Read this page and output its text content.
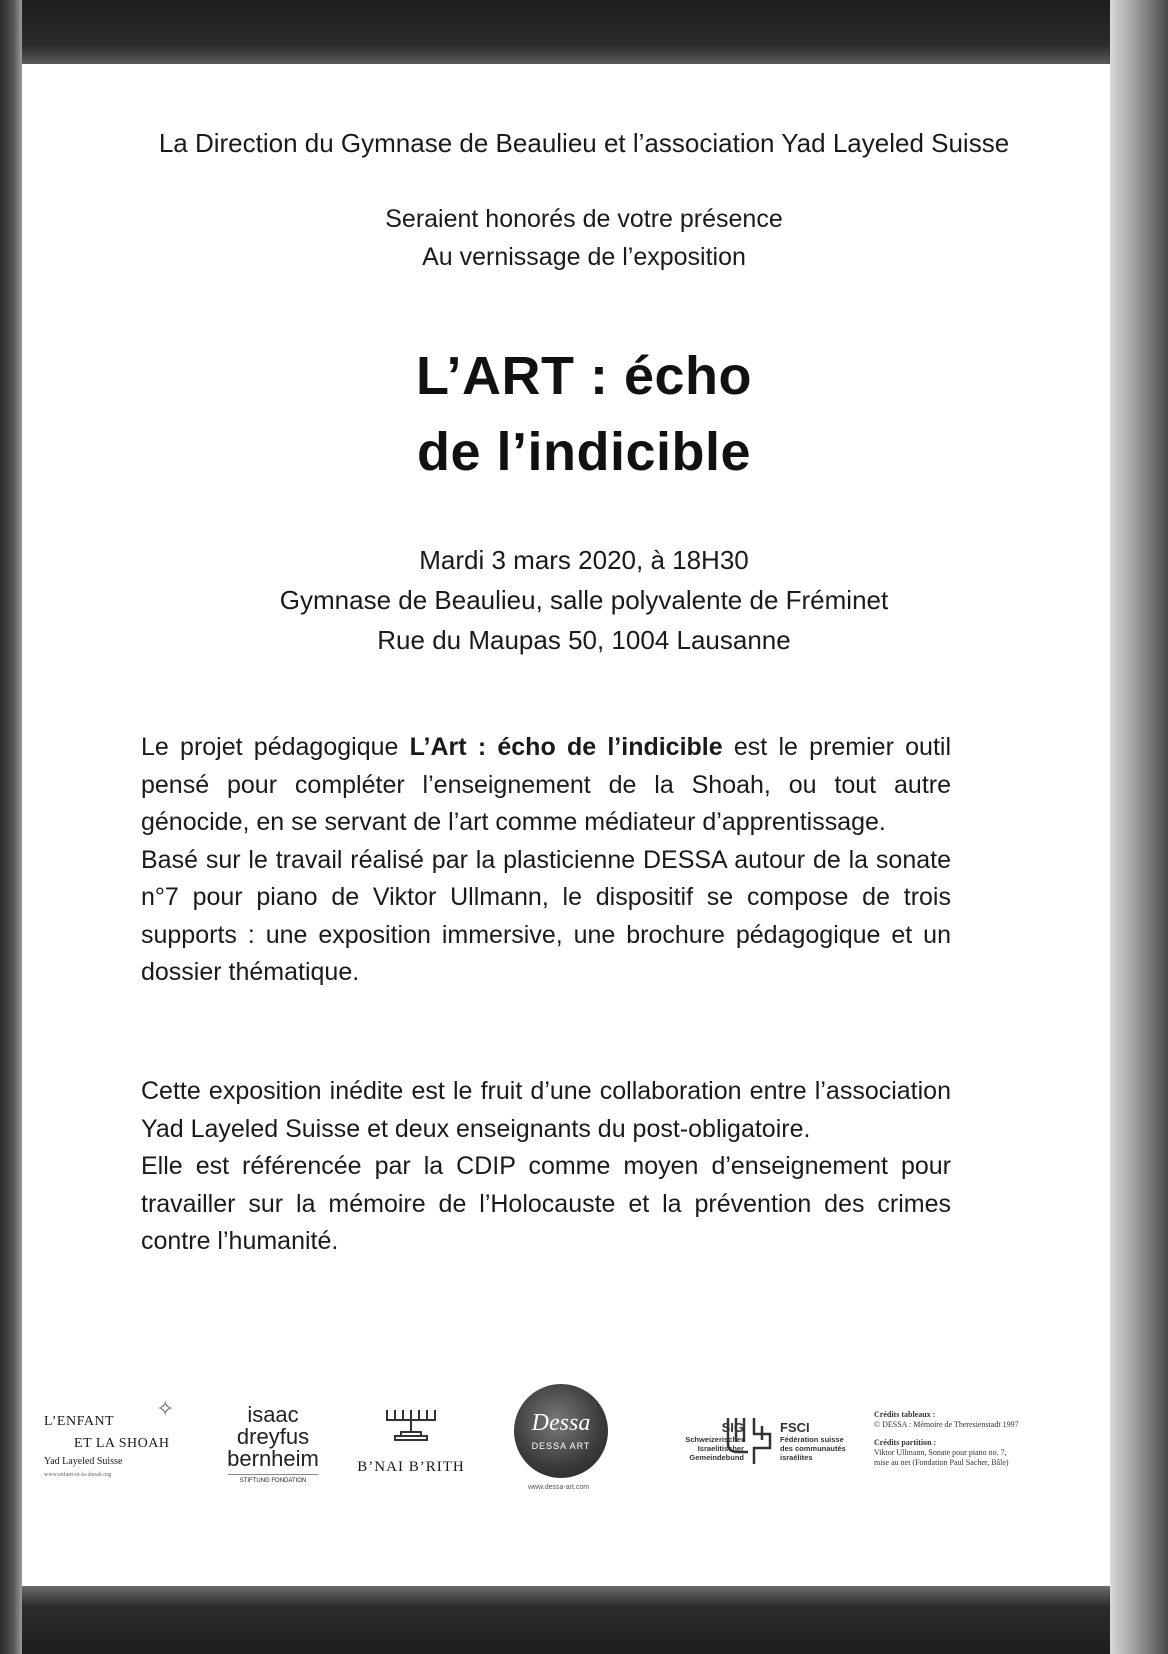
La Direction du Gymnase de Beaulieu et l’association Yad Layeled Suisse
Seraient honorés de votre présence
Au vernissage de l’exposition
L’ART : écho
de l’indicible
Mardi 3 mars 2020, à 18H30
Gymnase de Beaulieu, salle polyvalente de Fréminet
Rue du Maupas 50, 1004 Lausanne

Le projet pédagogique L’Art : écho de l’indicible est le premier outil pensé pour compléter l’enseignement de la Shoah, ou tout autre génocide, en se servant de l’art comme médiateur d’apprentissage.

Basé sur le travail réalisé par la plasticienne DESSA autour de la sonate n°7 pour piano de Viktor Ullmann, le dispositif se compose de trois supports : une exposition immersive, une brochure pédagogique et un dossier thématique.

Cette exposition inédite est le fruit d’une collaboration entre l’association Yad Layeled Suisse et deux enseignants du post-obligatoire.

Elle est référencée par la CDIP comme moyen d’enseignement pour travailler sur la mémoire de l’Holocauste et la prévention des crimes contre l’humanité.

✧
L’ENFANT
ET LA SHOAH
Yad Layeled Suisse
www.enfant-et-la-shoah.org
isaac
dreyfus
bernheim
STIFTUNG FONDATION
B’NAI B’RITH
Dessa
DESSA ART
www.dessa-art.com
SIG
Schweizerischer
Israelitischer
Gemeindebund
FSCI
Fédération suisse
des communautés
israélites
Crédits tableaux :
© DESSA : Mémoire de Theresienstadt 1997
Crédits partition :
Viktor Ullmann, Sonate pour piano no. 7,
mise au net (Fondation Paul Sacher, Bâle)
